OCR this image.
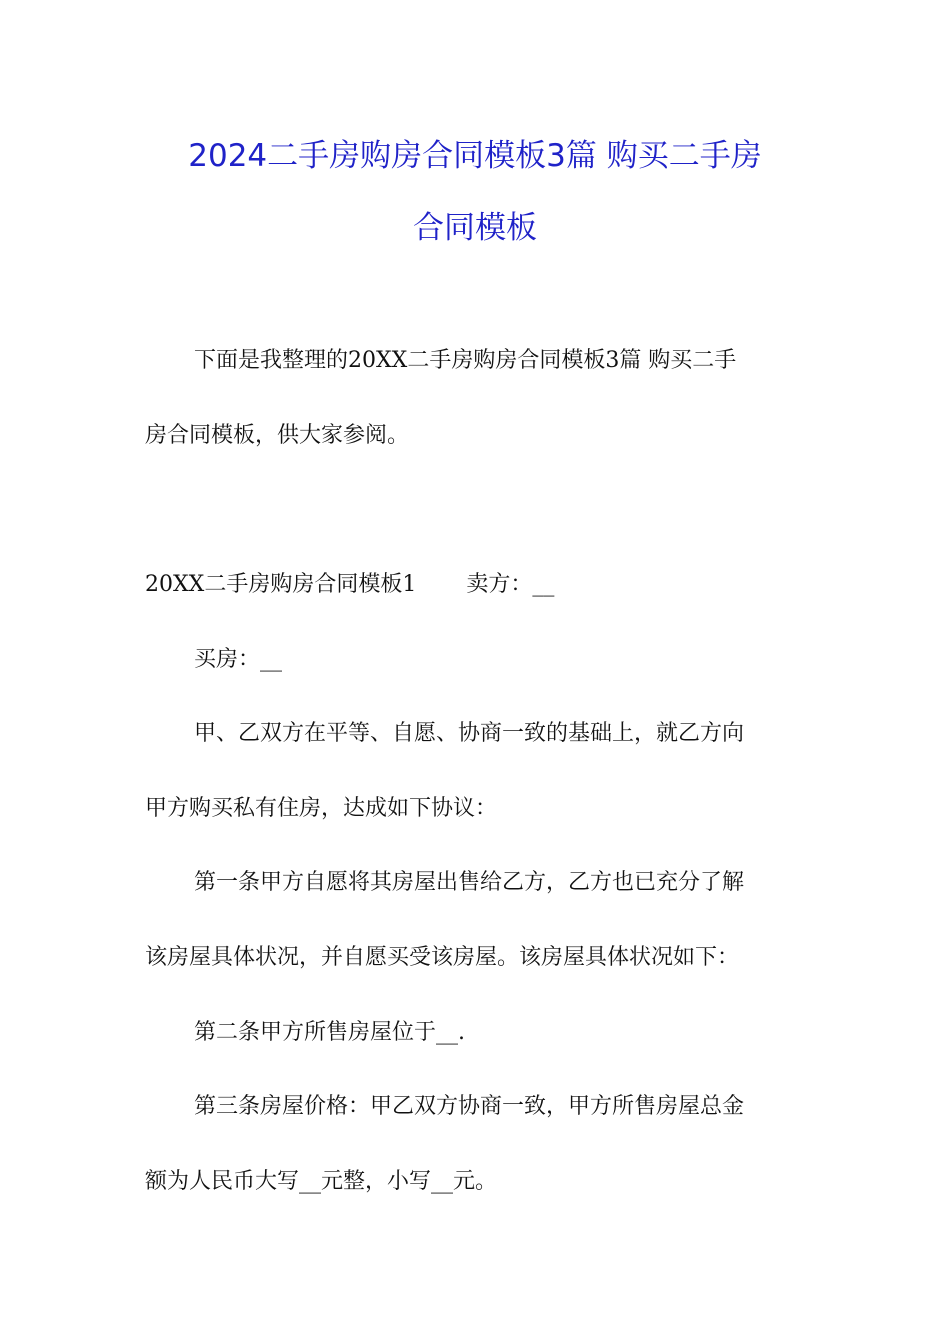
2024二手房购房合同模板3篇 购买二手房
合同模板
下面是我整理的20XX二手房购房合同模板3篇 购买二手
房合同模板，供大家参阅。
20XX二手房购房合同模板1 卖方：__
买房：__
甲、乙双方在平等、自愿、协商一致的基础上，就乙方向
甲方购买私有住房，达成如下协议：
第一条甲方自愿将其房屋出售给乙方，乙方也已充分了解
该房屋具体状况，并自愿买受该房屋。该房屋具体状况如下：
第二条甲方所售房屋位于__.
第三条房屋价格：甲乙双方协商一致，甲方所售房屋总金
额为人民币大写__元整，小写__元。
